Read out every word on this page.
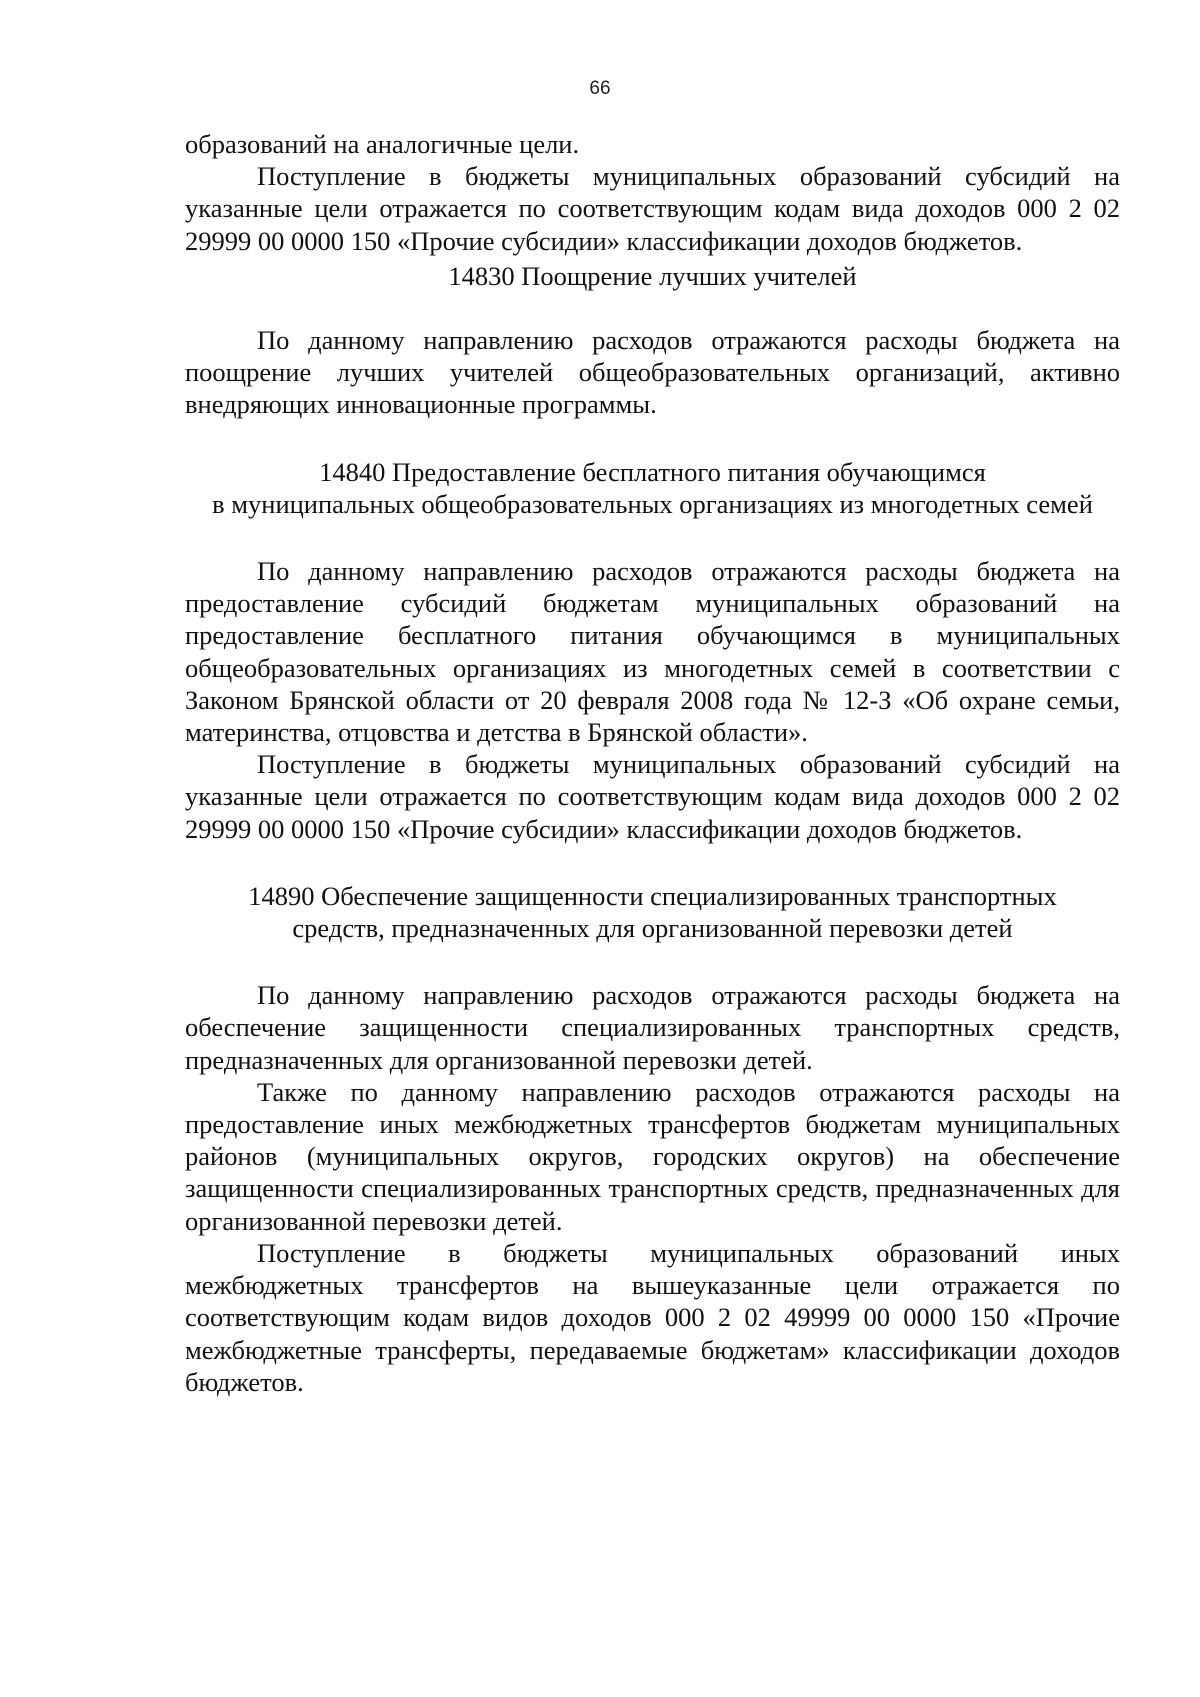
66

образований на аналогичные цели.

Поступление в бюджеты муниципальных образований субсидий на указанные цели отражается по соответствующим кодам вида доходов 000 2 02 29999 00 0000 150 «Прочие субсидии» классификации доходов бюджетов.

14830 Поощрение лучших учителей

По данному направлению расходов отражаются расходы бюджета на поощрение лучших учителей общеобразовательных организаций, активно внедряющих инновационные программы.

14840 Предоставление бесплатного питания обучающимся
в муниципальных общеобразовательных организациях из многодетных семей

По данному направлению расходов отражаются расходы бюджета на предоставление субсидий бюджетам муниципальных образований на предоставление бесплатного питания обучающимся в муниципальных общеобразовательных организациях из многодетных семей в соответствии с Законом Брянской области от 20 февраля 2008 года № 12-З «Об охране семьи, материнства, отцовства и детства в Брянской области».

Поступление в бюджеты муниципальных образований субсидий на указанные цели отражается по соответствующим кодам вида доходов 000 2 02 29999 00 0000 150 «Прочие субсидии» классификации доходов бюджетов.

14890 Обеспечение защищенности специализированных транспортных
средств, предназначенных для организованной перевозки детей

По данному направлению расходов отражаются расходы бюджета на обеспечение защищенности специализированных транспортных средств, предназначенных для организованной перевозки детей.

Также по данному направлению расходов отражаются расходы на предоставление иных межбюджетных трансфертов бюджетам муниципальных районов (муниципальных округов, городских округов) на обеспечение защищенности специализированных транспортных средств, предназначенных для организованной перевозки детей.

Поступление в бюджеты муниципальных образований иных межбюджетных трансфертов на вышеуказанные цели отражается по соответствующим кодам видов доходов 000 2 02 49999 00 0000 150 «Прочие межбюджетные трансферты, передаваемые бюджетам» классификации доходов бюджетов.
